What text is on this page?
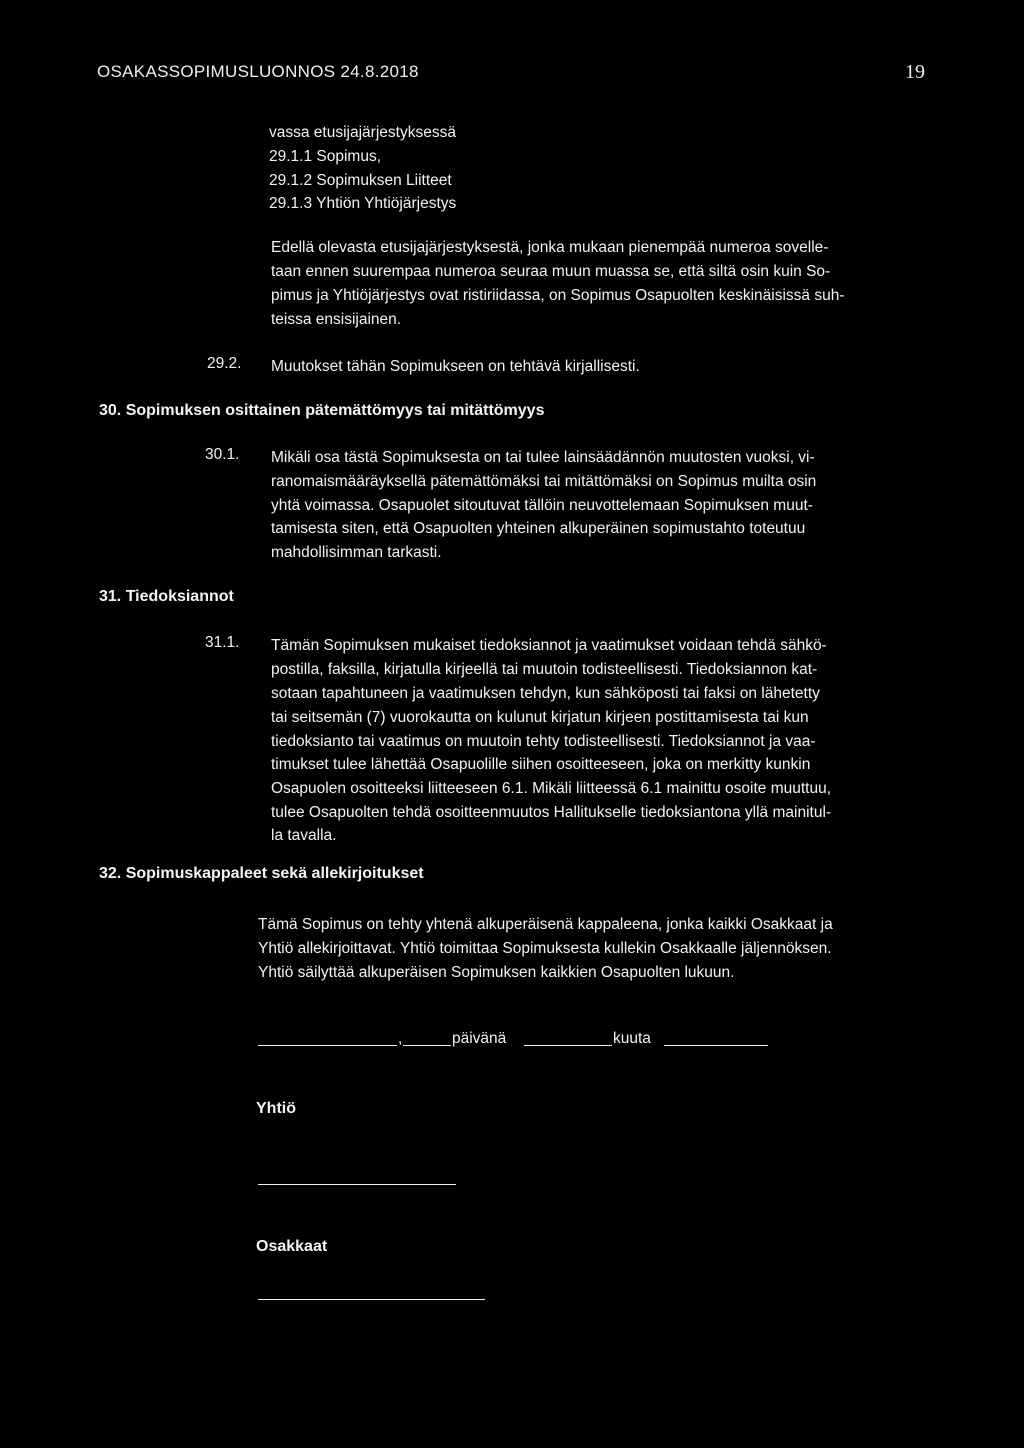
OSAKASSOPIMUSLUONNOS 24.8.2018	19
vassa etusijajärjestyksessä
29.1.1 Sopimus,
29.1.2 Sopimuksen Liitteet
29.1.3 Yhtiön Yhtiöjärjestys
Edellä olevasta etusijajärjestyksestä, jonka mukaan pienempää numeroa sovelle-
taan ennen suurempaa numeroa seuraa muun muassa se, että siltä osin kuin So-
pimus ja Yhtiöjärjestys ovat ristiriidassa, on Sopimus Osapuolten keskinäisissä suh-
teissa ensisijainen.
29.2. Muutokset tähän Sopimukseen on tehtävä kirjallisesti.
30. Sopimuksen osittainen pätemättömyys tai mitättömyys
30.1. Mikäli osa tästä Sopimuksesta on tai tulee lainsäädännön muutosten vuoksi, vi-
ranomaismääräyksellä pätemättömäksi tai mitättömäksi on Sopimus muilta osin
yhtä voimassa. Osapuolet sitoutuvat tällöin neuvottelemaan Sopimuksen muut-
tamisesta siten, että Osapuolten yhteinen alkuperäinen sopimustahto toteutuu
mahdollisimman tarkasti.
31. Tiedoksiannot
31.1. Tämän Sopimuksen mukaiset tiedoksiannot ja vaatimukset voidaan tehdä sähkö-
postilla, faksilla, kirjatulla kirjeellä tai muutoin todisteellisesti. Tiedoksiannon kat-
sotaan tapahtuneen ja vaatimuksen tehdyn, kun sähköposti tai faksi on lähetetty
tai seitsemän (7) vuorokautta on kulunut kirjatun kirjeen postittamisesta tai kun
tiedoksianto tai vaatimus on muutoin tehty todisteellisesti. Tiedoksiannot ja vaa-
timukset tulee lähettää Osapuolille siihen osoitteeseen, joka on merkitty kunkin
Osapuolen osoitteeksi liitteeseen 6.1. Mikäli liitteessä 6.1 mainittu osoite muuttuu,
tulee Osapuolten tehdä osoitteenmuutos Hallitukselle tiedoksiantona yllä mainitul-
la tavalla.
32. Sopimuskappaleet sekä allekirjoitukset
Tämä Sopimus on tehty yhtenä alkuperäisenä kappaleena, jonka kaikki Osakkaat ja
Yhtiö allekirjoittavat. Yhtiö toimittaa Sopimuksesta kullekin Osakkaalle jäljennöksen.
Yhtiö säilyttää alkuperäisen Sopimuksen kaikkien Osapuolten lukuun.
,	päivänä	kuuta
Yhtiö
Osakkaat
